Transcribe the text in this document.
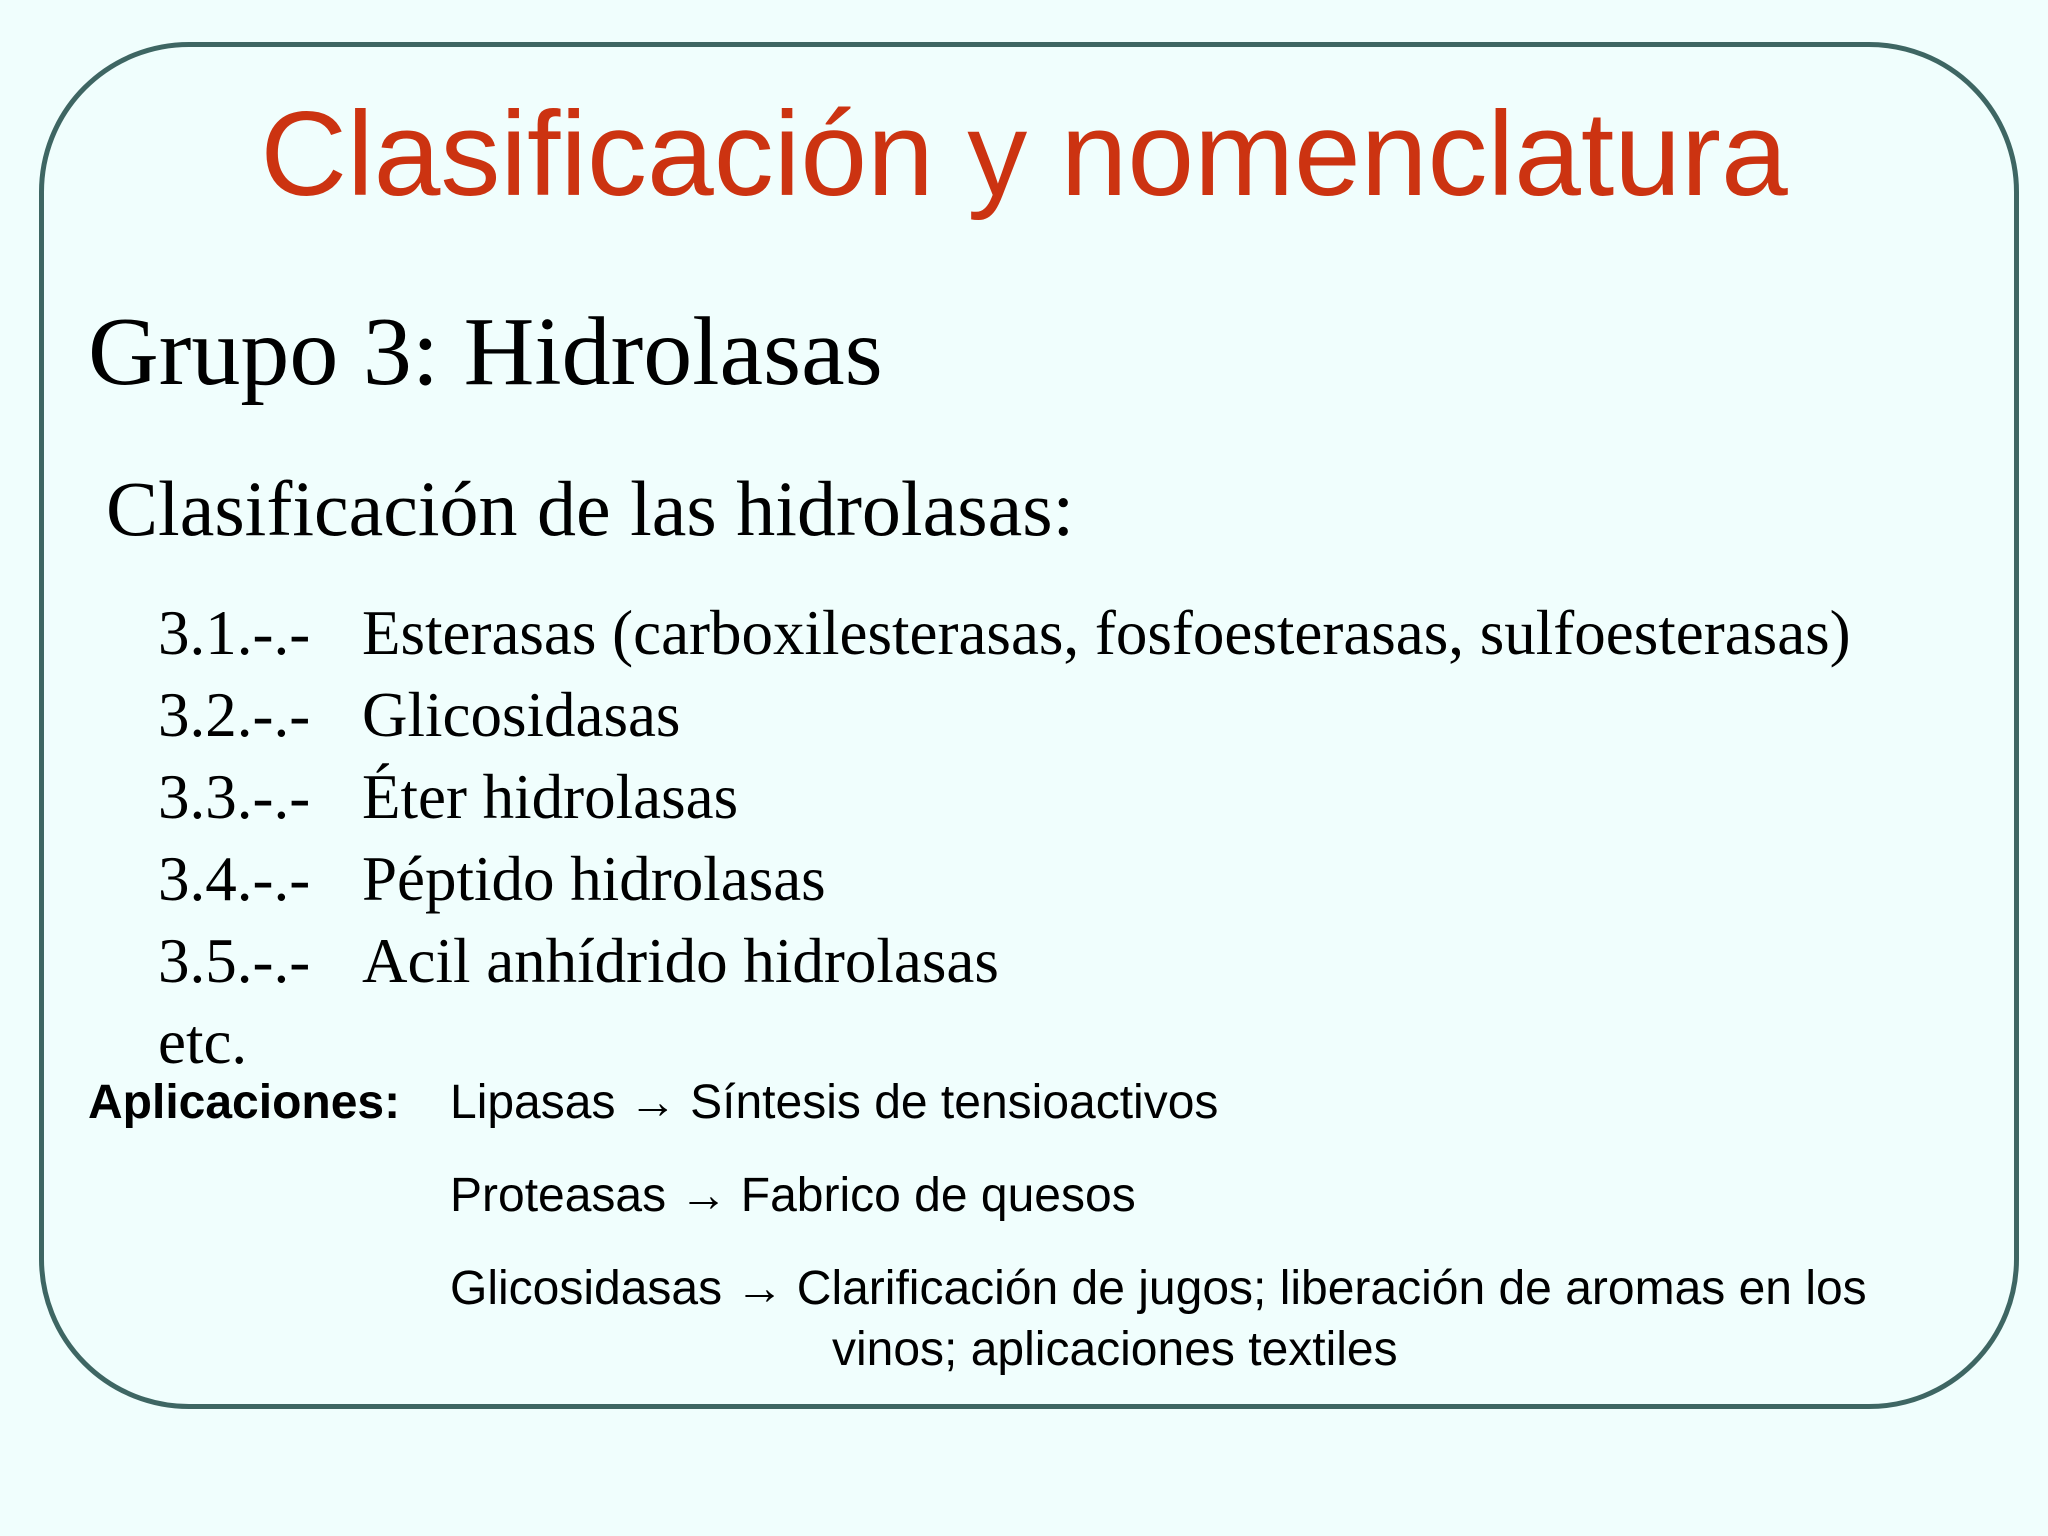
Clasificación y nomenclatura
Grupo 3: Hidrolasas
Clasificación de las hidrolasas:
3.1.-.- Esterasas (carboxilesterasas, fosfoesterasas, sulfoesterasas)
3.2.-.- Glicosidasas
3.3.-.- Éter hidrolasas
3.4.-.- Péptido hidrolasas
3.5.-.- Acil anhídrido hidrolasas
etc.
Aplicaciones: Lipasas → Síntesis de tensioactivos
Proteasas → Fabrico de quesos
Glicosidasas → Clarificación de jugos; liberación de aromas en los
vinos; aplicaciones textiles
